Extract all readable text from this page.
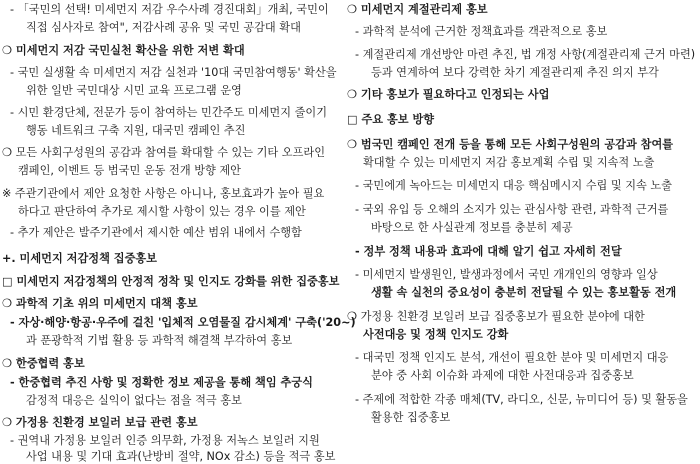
- 「국민의 선택! 미세먼지 저감 우수사례 경진대회」개최, 국민이
직접 심사자로 참여", 저감사례 공유 및 국민 공감대 확대
❍ 미세먼지 저감 국민실천 확산을 위한 저변 확대
- 국민 실생활 속 미세먼지 저감 실천과 '10대 국민참여행동' 확산을
위한 일반 국민대상 시민 교육 프로그램 운영
- 시민 환경단체, 전문가 등이 참여하는 민간주도 미세먼지 줄이기
행동 네트워크 구축 지원, 대국민 캠페인 추진
❍ 모든 사회구성원의 공감과 참여를 확대할 수 있는 기타 오프라인
캠페인, 이벤트 등 범국민 운동 전개 방향 제안
※ 주관기관에서 제안 요청한 사항은 아니나, 홍보효과가 높아 필요
하다고 판단하여 추가로 제시할 사항이 있는 경우 이를 제안
- 추가 제안은 발주기관에서 제시한 예산 범위 내에서 수행함
+. 미세먼지 저감정책 집중홍보
□ 미세먼지 저감정책의 안정적 정착 및 인지도 강화를 위한 집중홍보
❍ 과학적 기초 위의 미세먼지 대책 홍보
- 자상·해양·항공·우주에 걸친 '입체적 오염물질 감시체계' 구축('20~)
과 푼광학적 기법 활용 등 과학적 해결책 부각하여 홍보
❍ 한중협력 홍보
- 한중협력 추진 사항 및 정확한 정보 제공을 통해 책임 추궁식
감정적 대응은 실익이 없다는 점을 적극 홍보
❍ 가정용 친환경 보일러 보급 관련 홍보
- 권역내 가정용 보일러 인증 의무화, 가정용 저녹스 보일러 지원
사업 내용 및 기대 효과(난방비 절약, NOx 감소) 등을 적극 홍보
❍ 미세먼지 계절관리제 홍보
- 과학적 분석에 근거한 정책효과를 객관적으로 홍보
- 계절관리제 개선방안 마련 추진, 법 개정 사항(계절관리제 근거 마련)
등과 연계하여 보다 강력한 차기 계절관리제 추진 의지 부각
❍ 기타 홍보가 필요하다고 인정되는 사업
□ 주요 홍보 방향
❍ 범국민 캠페인 전개 등을 통해 모든 사회구성원의 공감과 참여를
확대할 수 있는 미세먼지 저감 홍보계획 수립 및 지속적 노출
- 국민에게 녹아드는 미세먼지 대응 핵심메시지 수립 및 지속 노출
- 국외 유입 등 오해의 소지가 있는 관심사항 관련, 과학적 근거를
바탕으로 한 사실관계 정보를 충분히 제공
- 정부 정책 내용과 효과에 대해 알기 쉽고 자세히 전달
- 미세먼지 발생원인, 발생과정에서 국민 개개인의 영향과 일상
생활 속 실천의 중요성이 충분히 전달될 수 있는 홍보활동 전개
❍ 가정용 친환경 보일러 보급 집중홍보가 필요한 분야에 대한
사전대응 및 정책 인지도 강화
- 대국민 정책 인지도 분석, 개선이 필요한 분야 및 미세먼지 대응
분야 중 사회 이슈화 과제에 대한 사전대응과 집중홍보
- 주제에 적합한 각종 매체(TV, 라디오, 신문, 뉴미디어 등) 및 활동을
활용한 집중홍보
